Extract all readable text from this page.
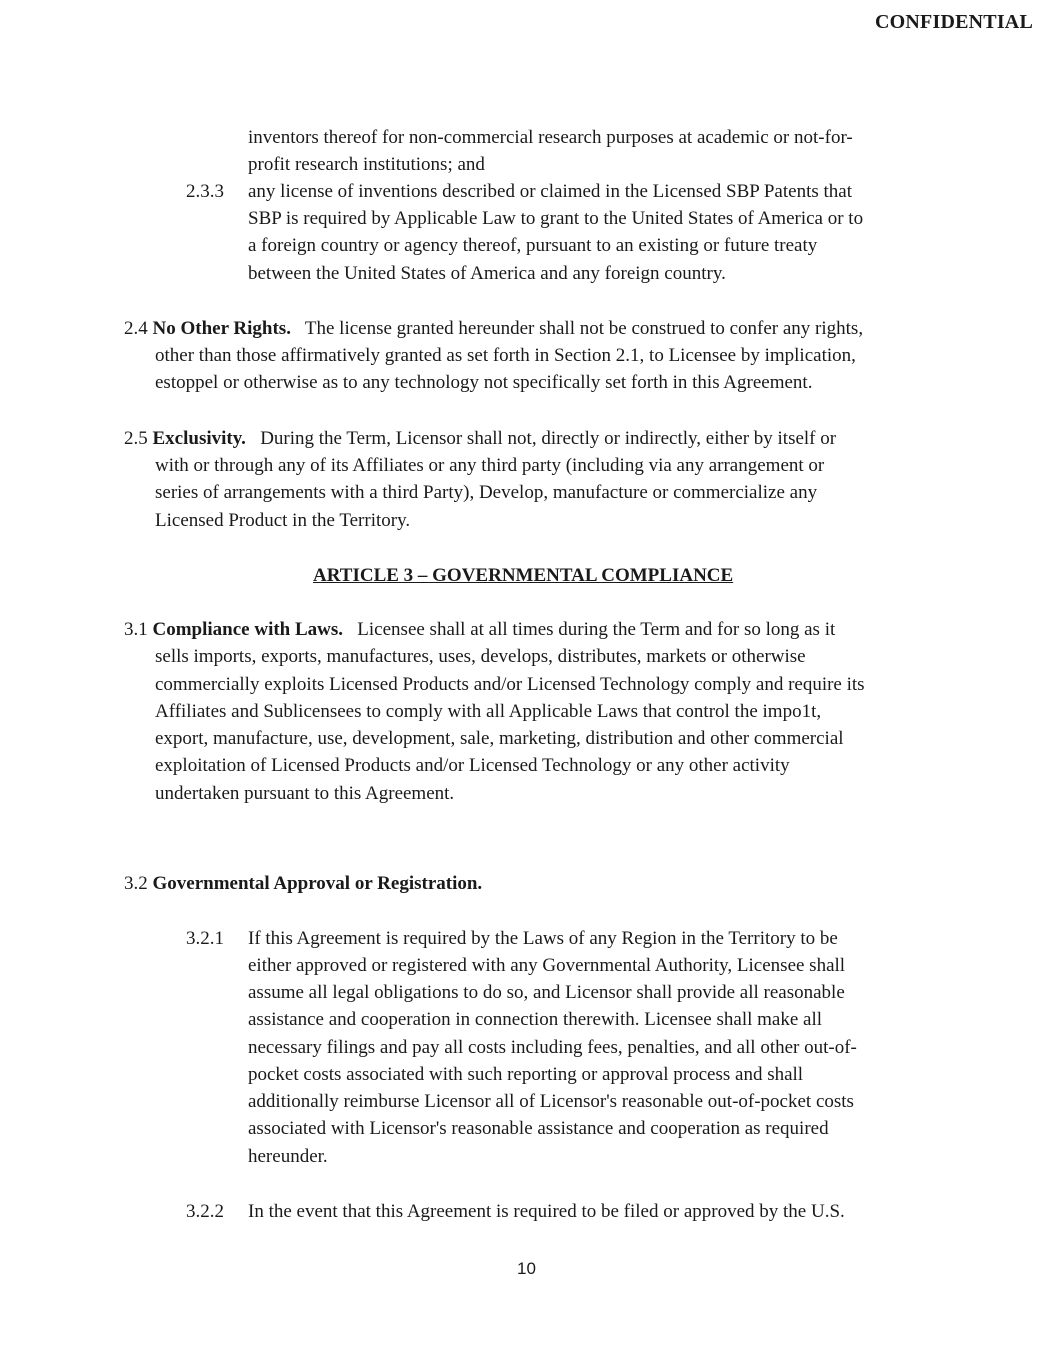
CONFIDENTIAL
inventors thereof for non-commercial research purposes at academic or not-for-
profit research institutions; and
2.3.3 any license of inventions described or claimed in the Licensed SBP Patents that
SBP is required by Applicable Law to grant to the United States of America or to
a foreign country or agency thereof, pursuant to an existing or future treaty
between the United States of America and any foreign country.
2.4 No Other Rights. The license granted hereunder shall not be construed to confer any rights,
other than those affirmatively granted as set forth in Section 2.1, to Licensee by implication,
estoppel or otherwise as to any technology not specifically set forth in this Agreement.
2.5 Exclusivity. During the Term, Licensor shall not, directly or indirectly, either by itself or
with or through any of its Affiliates or any third party (including via any arrangement or
series of arrangements with a third Party), Develop, manufacture or commercialize any
Licensed Product in the Territory.
ARTICLE 3 – GOVERNMENTAL COMPLIANCE
3.1 Compliance with Laws. Licensee shall at all times during the Term and for so long as it
sells imports, exports, manufactures, uses, develops, distributes, markets or otherwise
commercially exploits Licensed Products and/or Licensed Technology comply and require its
Affiliates and Sublicensees to comply with all Applicable Laws that control the impo1t,
export, manufacture, use, development, sale, marketing, distribution and other commercial
exploitation of Licensed Products and/or Licensed Technology or any other activity
undertaken pursuant to this Agreement.
3.2 Governmental Approval or Registration.
3.2.1 If this Agreement is required by the Laws of any Region in the Territory to be
either approved or registered with any Governmental Authority, Licensee shall
assume all legal obligations to do so, and Licensor shall provide all reasonable
assistance and cooperation in connection therewith. Licensee shall make all
necessary filings and pay all costs including fees, penalties, and all other out-of-
pocket costs associated with such reporting or approval process and shall
additionally reimburse Licensor all of Licensor's reasonable out-of-pocket costs
associated with Licensor's reasonable assistance and cooperation as required
hereunder.
3.2.2 In the event that this Agreement is required to be filed or approved by the U.S.
10
